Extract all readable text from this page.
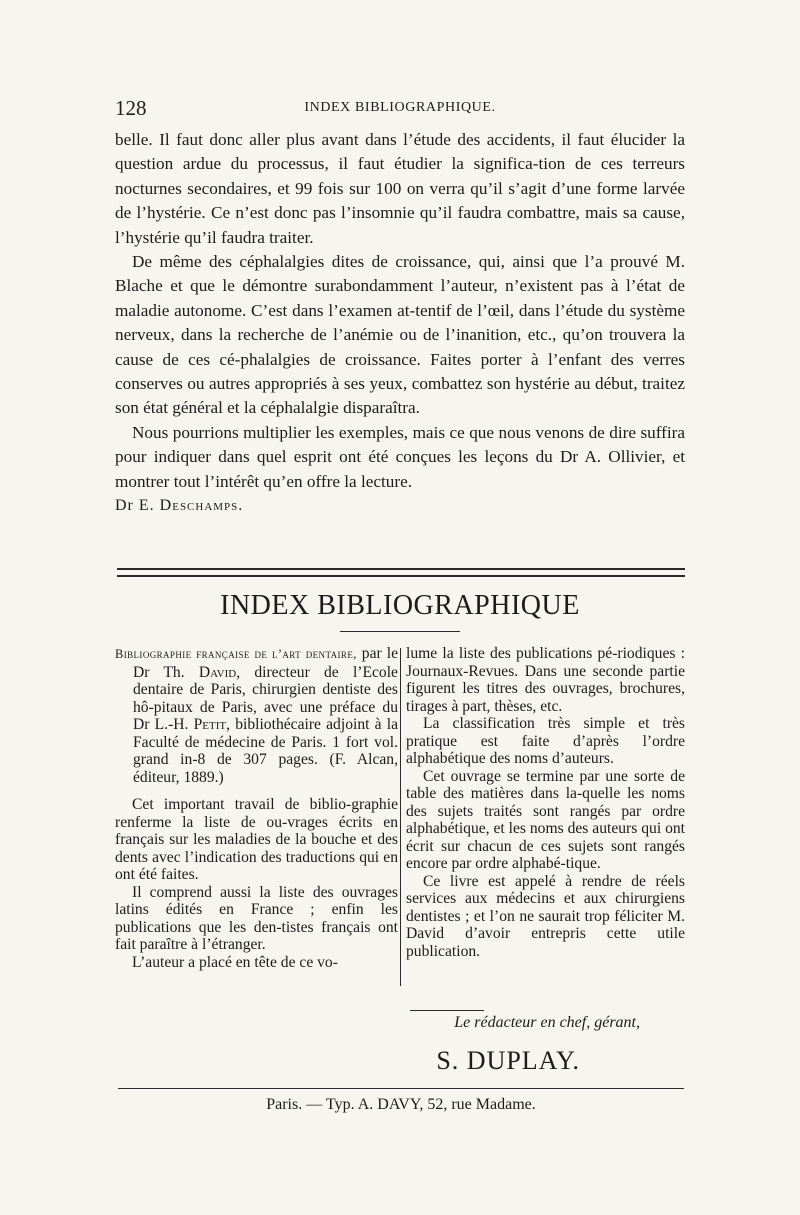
128	INDEX BIBLIOGRAPHIQUE.

belle. Il faut donc aller plus avant dans l’étude des accidents, il faut élucider la question ardue du processus, il faut étudier la significa-tion de ces terreurs nocturnes secondaires, et 99 fois sur 100 on verra qu’il s’agit d’une forme larvée de l’hystérie. Ce n’est donc pas l’insomnie qu’il faudra combattre, mais sa cause, l’hystérie qu’il faudra traiter.

De même des céphalalgies dites de croissance, qui, ainsi que l’a prouvé M. Blache et que le démontre surabondamment l’auteur, n’existent pas à l’état de maladie autonome. C’est dans l’examen at-tentif de l’œil, dans l’étude du système nerveux, dans la recherche de l’anémie ou de l’inanition, etc., qu’on trouvera la cause de ces cé-phalalgies de croissance. Faites porter à l’enfant des verres conserves ou autres appropriés à ses yeux, combattez son hystérie au début, traitez son état général et la céphalalgie disparaîtra.

Nous pourrions multiplier les exemples, mais ce que nous venons de dire suffira pour indiquer dans quel esprit ont été conçues les leçons du Dr A. Ollivier, et montrer tout l’intérêt qu’en offre la lecture.

Dr E. Deschamps.

INDEX BIBLIOGRAPHIQUE

Bibliographie française de l’art dentaire, par le Dr Th. David, directeur de l’Ecole dentaire de Paris, chirurgien dentiste des hô-pitaux de Paris, avec une préface du Dr L.-H. Petit, bibliothécaire adjoint à la Faculté de médecine de Paris. 1 fort vol. grand in-8 de 307 pages. (F. Alcan, éditeur, 1889.)

Cet important travail de biblio-graphie renferme la liste de ou-vrages écrits en français sur les maladies de la bouche et des dents avec l’indication des traductions qui en ont été faites.

Il comprend aussi la liste des ouvrages latins édités en France ; enfin les publications que les den-tistes français ont fait paraître à l’étranger.

L’auteur a placé en tête de ce vo-

lume la liste des publications pé-riodiques : Journaux-Revues. Dans une seconde partie figurent les titres des ouvrages, brochures, tirages à part, thèses, etc.

La classification très simple et très pratique est faite d’après l’ordre alphabétique des noms d’auteurs.

Cet ouvrage se termine par une sorte de table des matières dans la-quelle les noms des sujets traités sont rangés par ordre alphabétique, et les noms des auteurs qui ont écrit sur chacun de ces sujets sont rangés encore par ordre alphabé-tique.

Ce livre est appelé à rendre de réels services aux médecins et aux chirurgiens dentistes ; et l’on ne saurait trop féliciter M. David d’avoir entrepris cette utile publication.

Le rédacteur en chef, gérant,
S. DUPLAY.
Paris. — Typ. A. DAVY, 52, rue Madame.
